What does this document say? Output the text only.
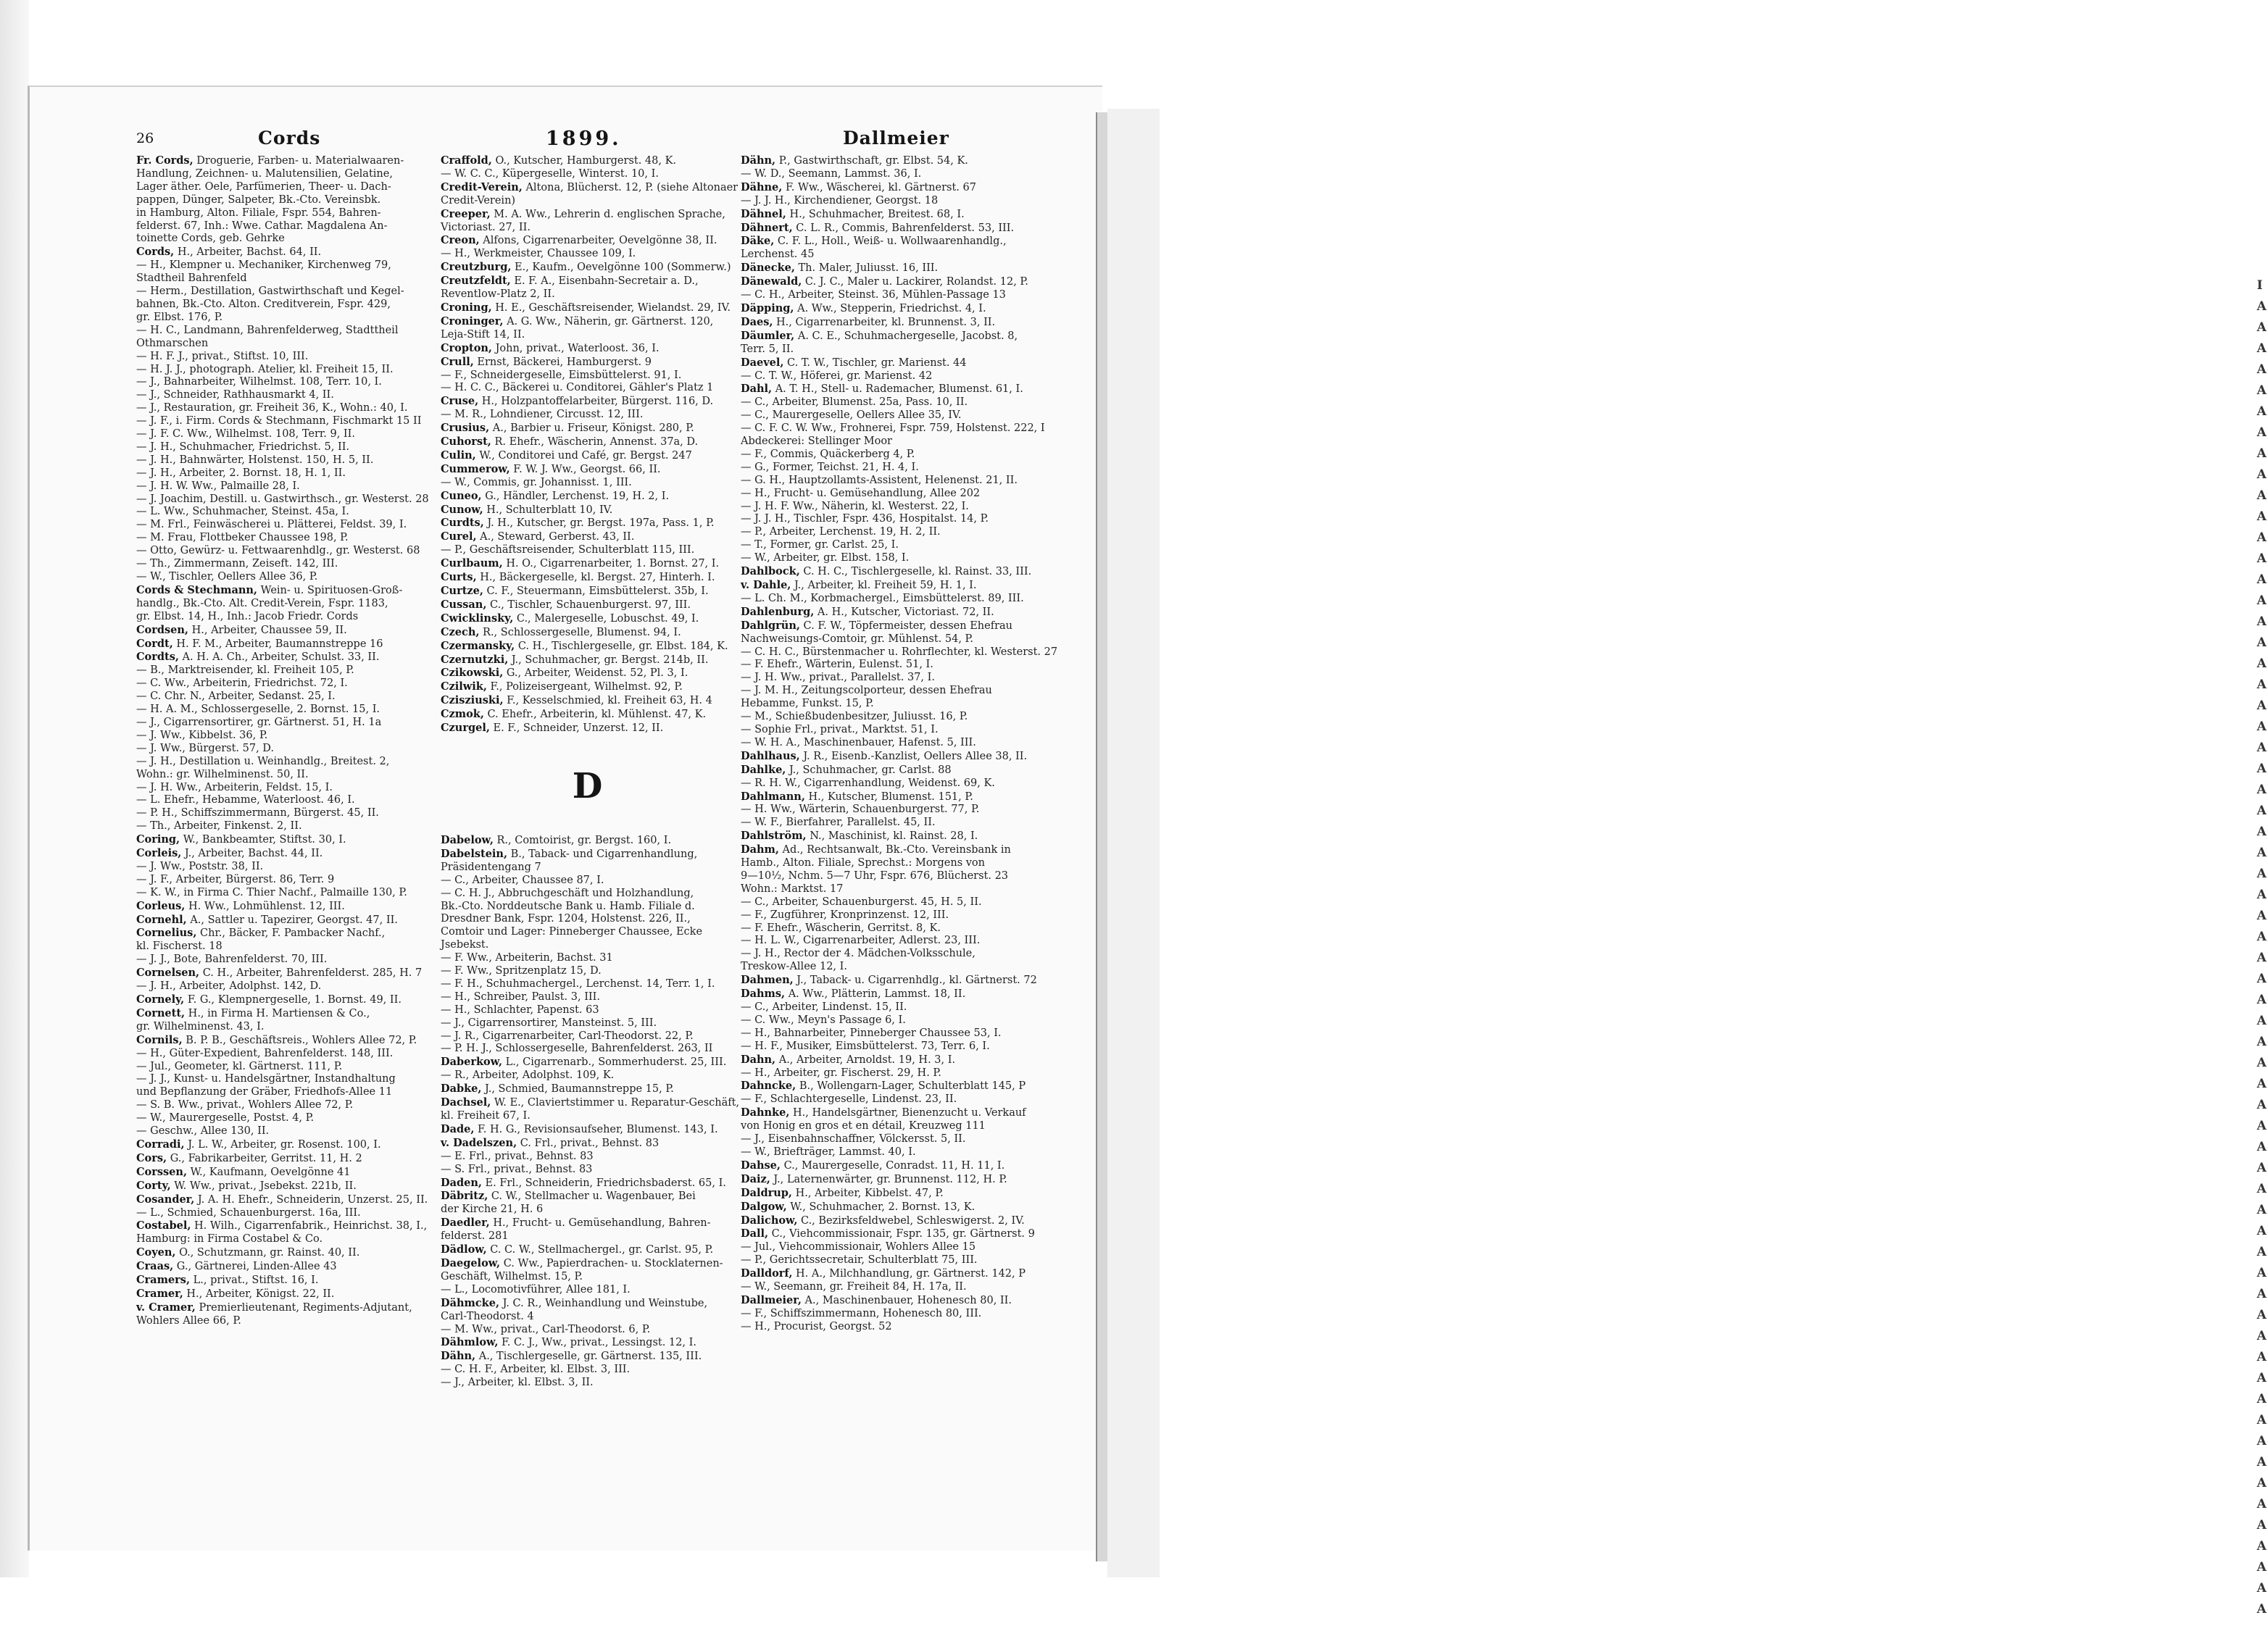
I
A
A
A
A
A
A
A
A
A
A
A
A
A
A
A
A
A
A
A
A
A
A
A
A
A
A
A
A
A
A
A
A
A
A
A
A
A
A
A
A
A
A
A
A
A
A
A
A
A
A
A
A
A
A
A
A
A
A
A
A
A
A
A
26	Cords	1899.	Dallmeier
Fr. Cords, Droguerie, Farben- u. Materialwaaren-
Handlung, Zeichnen- u. Malutensilien, Gelatine,
Lager äther. Oele, Parfümerien, Theer- u. Dach-
pappen, Dünger, Salpeter, Bk.-Cto. Vereinsbk.
in Hamburg, Alton. Filiale, Fspr. 554, Bahren-
felderst. 67, Inh.: Wwe. Cathar. Magdalena An-
toinette Cords, geb. Gehrke
Cords, H., Arbeiter, Bachst. 64, II.
— H., Klempner u. Mechaniker, Kirchenweg 79,
Stadtheil Bahrenfeld
— Herm., Destillation, Gastwirthschaft und Kegel-
bahnen, Bk.-Cto. Alton. Creditverein, Fspr. 429,
gr. Elbst. 176, P.
— H. C., Landmann, Bahrenfelderweg, Stadttheil
Othmarschen
— H. F. J., privat., Stiftst. 10, III.
— H. J. J., photograph. Atelier, kl. Freiheit 15, II.
— J., Bahnarbeiter, Wilhelmst. 108, Terr. 10, I.
— J., Schneider, Rathhausmarkt 4, II.
— J., Restauration, gr. Freiheit 36, K., Wohn.: 40, I.
— J. F., i. Firm. Cords & Stechmann, Fischmarkt 15 II
— J. F. C. Ww., Wilhelmst. 108, Terr. 9, II.
— J. H., Schuhmacher, Friedrichst. 5, II.
— J. H., Bahnwärter, Holstenst. 150, H. 5, II.
— J. H., Arbeiter, 2. Bornst. 18, H. 1, II.
— J. H. W. Ww., Palmaille 28, I.
— J. Joachim, Destill. u. Gastwirthsch., gr. Westerst. 28
— L. Ww., Schuhmacher, Steinst. 45a, I.
— M. Frl., Feinwäscherei u. Plätterei, Feldst. 39, I.
— M. Frau, Flottbeker Chaussee 198, P.
— Otto, Gewürz- u. Fettwaarenhdlg., gr. Westerst. 68
— Th., Zimmermann, Zeiseft. 142, III.
— W., Tischler, Oellers Allee 36, P.
Cords & Stechmann, Wein- u. Spirituosen-Groß-
handlg., Bk.-Cto. Alt. Credit-Verein, Fspr. 1183,
gr. Elbst. 14, H., Inh.: Jacob Friedr. Cords
Cordsen, H., Arbeiter, Chaussee 59, II.
Cordt, H. F. M., Arbeiter, Baumannstreppe 16
Cordts, A. H. A. Ch., Arbeiter, Schulst. 33, II.
— B., Marktreisender, kl. Freiheit 105, P.
— C. Ww., Arbeiterin, Friedrichst. 72, I.
— C. Chr. N., Arbeiter, Sedanst. 25, I.
— H. A. M., Schlossergeselle, 2. Bornst. 15, I.
— J., Cigarrensortirer, gr. Gärtnerst. 51, H. 1a
— J. Ww., Kibbelst. 36, P.
— J. Ww., Bürgerst. 57, D.
— J. H., Destillation u. Weinhandlg., Breitest. 2,
Wohn.: gr. Wilhelminenst. 50, II.
— J. H. Ww., Arbeiterin, Feldst. 15, I.
— L. Ehefr., Hebamme, Waterloost. 46, I.
— P. H., Schiffszimmermann, Bürgerst. 45, II.
— Th., Arbeiter, Finkenst. 2, II.
Coring, W., Bankbeamter, Stiftst. 30, I.
Corleis, J., Arbeiter, Bachst. 44, II.
— J. Ww., Poststr. 38, II.
— J. F., Arbeiter, Bürgerst. 86, Terr. 9
— K. W., in Firma C. Thier Nachf., Palmaille 130, P.
Corleus, H. Ww., Lohmühlenst. 12, III.
Cornehl, A., Sattler u. Tapezirer, Georgst. 47, II.
Cornelius, Chr., Bäcker, F. Pambacker Nachf.,
kl. Fischerst. 18
— J. J., Bote, Bahrenfelderst. 70, III.
Cornelsen, C. H., Arbeiter, Bahrenfelderst. 285, H. 7
— J. H., Arbeiter, Adolphst. 142, D.
Cornely, F. G., Klempnergeselle, 1. Bornst. 49, II.
Cornett, H., in Firma H. Martiensen & Co.,
gr. Wilhelminenst. 43, I.
Cornils, B. P. B., Geschäftsreis., Wohlers Allee 72, P.
— H., Güter-Expedient, Bahrenfelderst. 148, III.
— Jul., Geometer, kl. Gärtnerst. 111, P.
— J. J., Kunst- u. Handelsgärtner, Instandhaltung
und Bepflanzung der Gräber, Friedhofs-Allee 11
— S. B. Ww., privat., Wohlers Allee 72, P.
— W., Maurergeselle, Postst. 4, P.
— Geschw., Allee 130, II.
Corradi, J. L. W., Arbeiter, gr. Rosenst. 100, I.
Cors, G., Fabrikarbeiter, Gerritst. 11, H. 2
Corssen, W., Kaufmann, Oevelgönne 41
Corty, W. Ww., privat., Jsebekst. 221b, II.
Cosander, J. A. H. Ehefr., Schneiderin, Unzerst. 25, II.
— L., Schmied, Schauenburgerst. 16a, III.
Costabel, H. Wilh., Cigarrenfabrik., Heinrichst. 38, I.,
Hamburg: in Firma Costabel & Co.
Coyen, O., Schutzmann, gr. Rainst. 40, II.
Craas, G., Gärtnerei, Linden-Allee 43
Cramers, L., privat., Stiftst. 16, I.
Cramer, H., Arbeiter, Königst. 22, II.
v. Cramer, Premierlieutenant, Regiments-Adjutant,
Wohlers Allee 66, P.
Craffold, O., Kutscher, Hamburgerst. 48, K.
— W. C. C., Küpergeselle, Winterst. 10, I.
Credit-Verein, Altona, Blücherst. 12, P. (siehe Altonaer
Credit-Verein)
Creeper, M. A. Ww., Lehrerin d. englischen Sprache,
Victoriast. 27, II.
Creon, Alfons, Cigarrenarbeiter, Oevelgönne 38, II.
— H., Werkmeister, Chaussee 109, I.
Creutzburg, E., Kaufm., Oevelgönne 100 (Sommerw.)
Creutzfeldt, E. F. A., Eisenbahn-Secretair a. D.,
Reventlow-Platz 2, II.
Croning, H. E., Geschäftsreisender, Wielandst. 29, IV.
Croninger, A. G. Ww., Näherin, gr. Gärtnerst. 120,
Leja-Stift 14, II.
Cropton, John, privat., Waterloost. 36, I.
Crull, Ernst, Bäckerei, Hamburgerst. 9
— F., Schneidergeselle, Eimsbüttelerst. 91, I.
— H. C. C., Bäckerei u. Conditorei, Gähler's Platz 1
Cruse, H., Holzpantoffelarbeiter, Bürgerst. 116, D.
— M. R., Lohndiener, Circusst. 12, III.
Crusius, A., Barbier u. Friseur, Königst. 280, P.
Cuhorst, R. Ehefr., Wäscherin, Annenst. 37a, D.
Culin, W., Conditorei und Café, gr. Bergst. 247
Cummerow, F. W. J. Ww., Georgst. 66, II.
— W., Commis, gr. Johannisst. 1, III.
Cuneo, G., Händler, Lerchenst. 19, H. 2, I.
Cunow, H., Schulterblatt 10, IV.
Curdts, J. H., Kutscher, gr. Bergst. 197a, Pass. 1, P.
Curel, A., Steward, Gerberst. 43, II.
— P., Geschäftsreisender, Schulterblatt 115, III.
Curlbaum, H. O., Cigarrenarbeiter, 1. Bornst. 27, I.
Curts, H., Bäckergeselle, kl. Bergst. 27, Hinterh. I.
Curtze, C. F., Steuermann, Eimsbüttelerst. 35b, I.
Cussan, C., Tischler, Schauenburgerst. 97, III.
Cwicklinsky, C., Malergeselle, Lobuschst. 49, I.
Czech, R., Schlossergeselle, Blumenst. 94, I.
Czermansky, C. H., Tischlergeselle, gr. Elbst. 184, K.
Czernutzki, J., Schuhmacher, gr. Bergst. 214b, II.
Czikowski, G., Arbeiter, Weidenst. 52, Pl. 3, I.
Czilwik, F., Polizeisergeant, Wilhelmst. 92, P.
Czisziuski, F., Kesselschmied, kl. Freiheit 63, H. 4
Czmok, C. Ehefr., Arbeiterin, kl. Mühlenst. 47, K.
Czurgel, E. F., Schneider, Unzerst. 12, II.
D
Dabelow, R., Comtoirist, gr. Bergst. 160, I.
Dabelstein, B., Taback- und Cigarrenhandlung,
Präsidentengang 7
— C., Arbeiter, Chaussee 87, I.
— C. H. J., Abbruchgeschäft und Holzhandlung,
Bk.-Cto. Norddeutsche Bank u. Hamb. Filiale d.
Dresdner Bank, Fspr. 1204, Holstenst. 226, II.,
Comtoir und Lager: Pinneberger Chaussee, Ecke
Jsebekst.
— F. Ww., Arbeiterin, Bachst. 31
— F. Ww., Spritzenplatz 15, D.
— F. H., Schuhmachergel., Lerchenst. 14, Terr. 1, I.
— H., Schreiber, Paulst. 3, III.
— H., Schlachter, Papenst. 63
— J., Cigarrensortirer, Mansteinst. 5, III.
— J. R., Cigarrenarbeiter, Carl-Theodorst. 22, P.
— P. H. J., Schlossergeselle, Bahrenfelderst. 263, II
Daberkow, L., Cigarrenarb., Sommerhuderst. 25, III.
— R., Arbeiter, Adolphst. 109, K.
Dabke, J., Schmied, Baumannstreppe 15, P.
Dachsel, W. E., Claviertstimmer u. Reparatur-Geschäft,
kl. Freiheit 67, I.
Dade, F. H. G., Revisionsaufseher, Blumenst. 143, I.
v. Dadelszen, C. Frl., privat., Behnst. 83
— E. Frl., privat., Behnst. 83
— S. Frl., privat., Behnst. 83
Daden, E. Frl., Schneiderin, Friedrichsbaderst. 65, I.
Däbritz, C. W., Stellmacher u. Wagenbauer, Bei
der Kirche 21, H. 6
Daedler, H., Frucht- u. Gemüsehandlung, Bahren-
felderst. 281
Dädlow, C. C. W., Stellmachergel., gr. Carlst. 95, P.
Daegelow, C. Ww., Papierdrachen- u. Stocklaternen-
Geschäft, Wilhelmst. 15, P.
— L., Locomotivführer, Allee 181, I.
Dähmcke, J. C. R., Weinhandlung und Weinstube,
Carl-Theodorst. 4
— M. Ww., privat., Carl-Theodorst. 6, P.
Dähmlow, F. C. J., Ww., privat., Lessingst. 12, I.
Dähn, A., Tischlergeselle, gr. Gärtnerst. 135, III.
— C. H. F., Arbeiter, kl. Elbst. 3, III.
— J., Arbeiter, kl. Elbst. 3, II.
Dähn, P., Gastwirthschaft, gr. Elbst. 54, K.
— W. D., Seemann, Lammst. 36, I.
Dähne, F. Ww., Wäscherei, kl. Gärtnerst. 67
— J. J. H., Kirchendiener, Georgst. 18
Dähnel, H., Schuhmacher, Breitest. 68, I.
Dähnert, C. L. R., Commis, Bahrenfelderst. 53, III.
Däke, C. F. L., Holl., Weiß- u. Wollwaarenhandlg.,
Lerchenst. 45
Dänecke, Th. Maler, Juliusst. 16, III.
Dänewald, C. J. C., Maler u. Lackirer, Rolandst. 12, P.
— C. H., Arbeiter, Steinst. 36, Mühlen-Passage 13
Däpping, A. Ww., Stepperin, Friedrichst. 4, I.
Daes, H., Cigarrenarbeiter, kl. Brunnenst. 3, II.
Däumler, A. C. E., Schuhmachergeselle, Jacobst. 8,
Terr. 5, II.
Daevel, C. T. W., Tischler, gr. Marienst. 44
— C. T. W., Höferei, gr. Marienst. 42
Dahl, A. T. H., Stell- u. Rademacher, Blumenst. 61, I.
— C., Arbeiter, Blumenst. 25a, Pass. 10, II.
— C., Maurergeselle, Oellers Allee 35, IV.
— C. F. C. W. Ww., Frohnerei, Fspr. 759, Holstenst. 222, I
Abdeckerei: Stellinger Moor
— F., Commis, Quäckerberg 4, P.
— G., Former, Teichst. 21, H. 4, I.
— G. H., Hauptzollamts-Assistent, Helenenst. 21, II.
— H., Frucht- u. Gemüsehandlung, Allee 202
— J. H. F. Ww., Näherin, kl. Westerst. 22, I.
— J. J. H., Tischler, Fspr. 436, Hospitalst. 14, P.
— P., Arbeiter, Lerchenst. 19, H. 2, II.
— T., Former, gr. Carlst. 25, I.
— W., Arbeiter, gr. Elbst. 158, I.
Dahlbock, C. H. C., Tischlergeselle, kl. Rainst. 33, III.
v. Dahle, J., Arbeiter, kl. Freiheit 59, H. 1, I.
— L. Ch. M., Korbmachergel., Eimsbüttelerst. 89, III.
Dahlenburg, A. H., Kutscher, Victoriast. 72, II.
Dahlgrün, C. F. W., Töpfermeister, dessen Ehefrau
Nachweisungs-Comtoir, gr. Mühlenst. 54, P.
— C. H. C., Bürstenmacher u. Rohrflechter, kl. Westerst. 27
— F. Ehefr., Wärterin, Eulenst. 51, I.
— J. H. Ww., privat., Parallelst. 37, I.
— J. M. H., Zeitungscolporteur, dessen Ehefrau
Hebamme, Funkst. 15, P.
— M., Schießbudenbesitzer, Juliusst. 16, P.
— Sophie Frl., privat., Marktst. 51, I.
— W. H. A., Maschinenbauer, Hafenst. 5, III.
Dahlhaus, J. R., Eisenb.-Kanzlist, Oellers Allee 38, II.
Dahlke, J., Schuhmacher, gr. Carlst. 88
— R. H. W., Cigarrenhandlung, Weidenst. 69, K.
Dahlmann, H., Kutscher, Blumenst. 151, P.
— H. Ww., Wärterin, Schauenburgerst. 77, P.
— W. F., Bierfahrer, Parallelst. 45, II.
Dahlström, N., Maschinist, kl. Rainst. 28, I.
Dahm, Ad., Rechtsanwalt, Bk.-Cto. Vereinsbank in
Hamb., Alton. Filiale, Sprechst.: Morgens von
9—10½, Nchm. 5—7 Uhr, Fspr. 676, Blücherst. 23
Wohn.: Marktst. 17
— C., Arbeiter, Schauenburgerst. 45, H. 5, II.
— F., Zugführer, Kronprinzenst. 12, III.
— F. Ehefr., Wäscherin, Gerritst. 8, K.
— H. L. W., Cigarrenarbeiter, Adlerst. 23, III.
— J. H., Rector der 4. Mädchen-Volksschule,
Treskow-Allee 12, I.
Dahmen, J., Taback- u. Cigarrenhdlg., kl. Gärtnerst. 72
Dahms, A. Ww., Plätterin, Lammst. 18, II.
— C., Arbeiter, Lindenst. 15, II.
— C. Ww., Meyn's Passage 6, I.
— H., Bahnarbeiter, Pinneberger Chaussee 53, I.
— H. F., Musiker, Eimsbüttelerst. 73, Terr. 6, I.
Dahn, A., Arbeiter, Arnoldst. 19, H. 3, I.
— H., Arbeiter, gr. Fischerst. 29, H. P.
Dahncke, B., Wollengarn-Lager, Schulterblatt 145, P
— F., Schlachtergeselle, Lindenst. 23, II.
Dahnke, H., Handelsgärtner, Bienenzucht u. Verkauf
von Honig en gros et en détail, Kreuzweg 111
— J., Eisenbahnschaffner, Völckersst. 5, II.
— W., Briefträger, Lammst. 40, I.
Dahse, C., Maurergeselle, Conradst. 11, H. 11, I.
Daiz, J., Laternenwärter, gr. Brunnenst. 112, H. P.
Daldrup, H., Arbeiter, Kibbelst. 47, P.
Dalgow, W., Schuhmacher, 2. Bornst. 13, K.
Dalichow, C., Bezirksfeldwebel, Schleswigerst. 2, IV.
Dall, C., Viehcommissionair, Fspr. 135, gr. Gärtnerst. 9
— Jul., Viehcommissionair, Wohlers Allee 15
— P., Gerichtssecretair, Schulterblatt 75, III.
Dalldorf, H. A., Milchhandlung, gr. Gärtnerst. 142, P
— W., Seemann, gr. Freiheit 84, H. 17a, II.
Dallmeier, A., Maschinenbauer, Hohenesch 80, II.
— F., Schiffszimmermann, Hohenesch 80, III.
— H., Procurist, Georgst. 52
